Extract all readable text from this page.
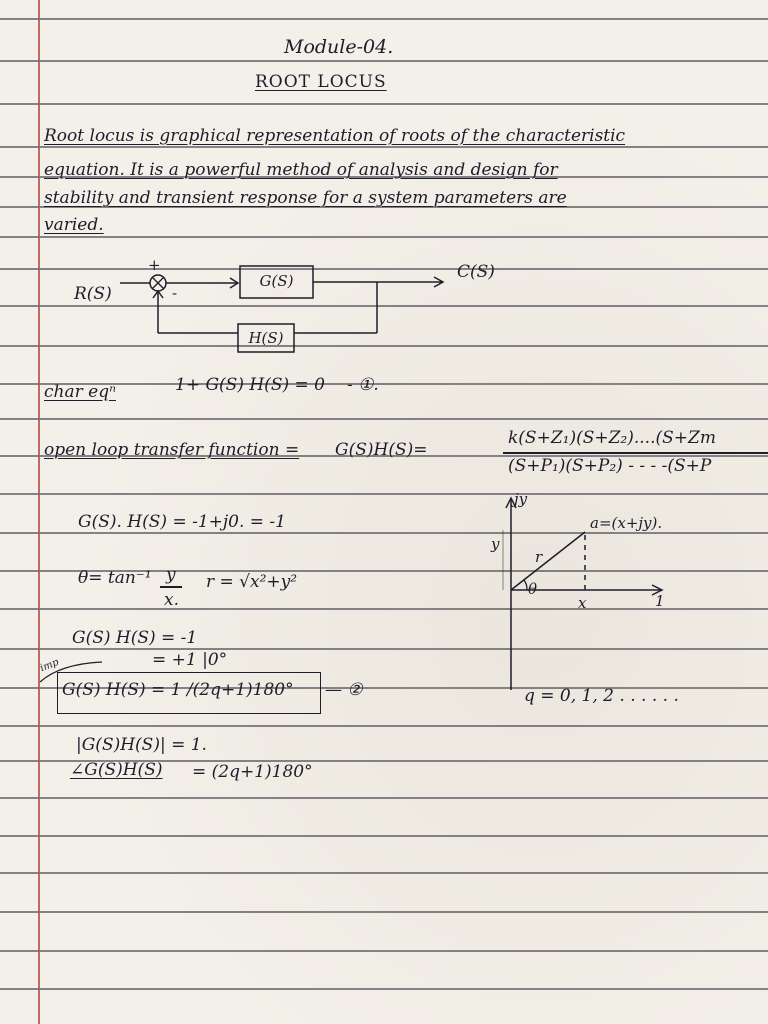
Module-04.
ROOT LOCUS
Root locus is graphical representation of roots of the characteristic
equation. It is a powerful method of analysis and design for
stability and transient response for a system parameters are
varied.
+
-
R(S)
G(S)
H(S)
C(S)
char eqⁿ	1+ G(S) H(S) = 0 - ①.
open loop transfer function = G(S)H(S)=
k(S+Z₁)(S+Z₂)....(S+Zm
(S+P₁)(S+P₂) - - - -(S+P
G(S). H(S) = -1+j0. = -1
θ= tan⁻¹ y
x.
r = √x²+y²
jy
y
r
θ
x	1
a=(x+jy).
G(S) H(S) = -1
= +1 |0°
imp
G(S) H(S) = 1 /(2q+1)180° — ②	q = 0, 1, 2 . . . . . .
|G(S)H(S)| = 1.
∠G(S)H(S) = (2q+1)180°
